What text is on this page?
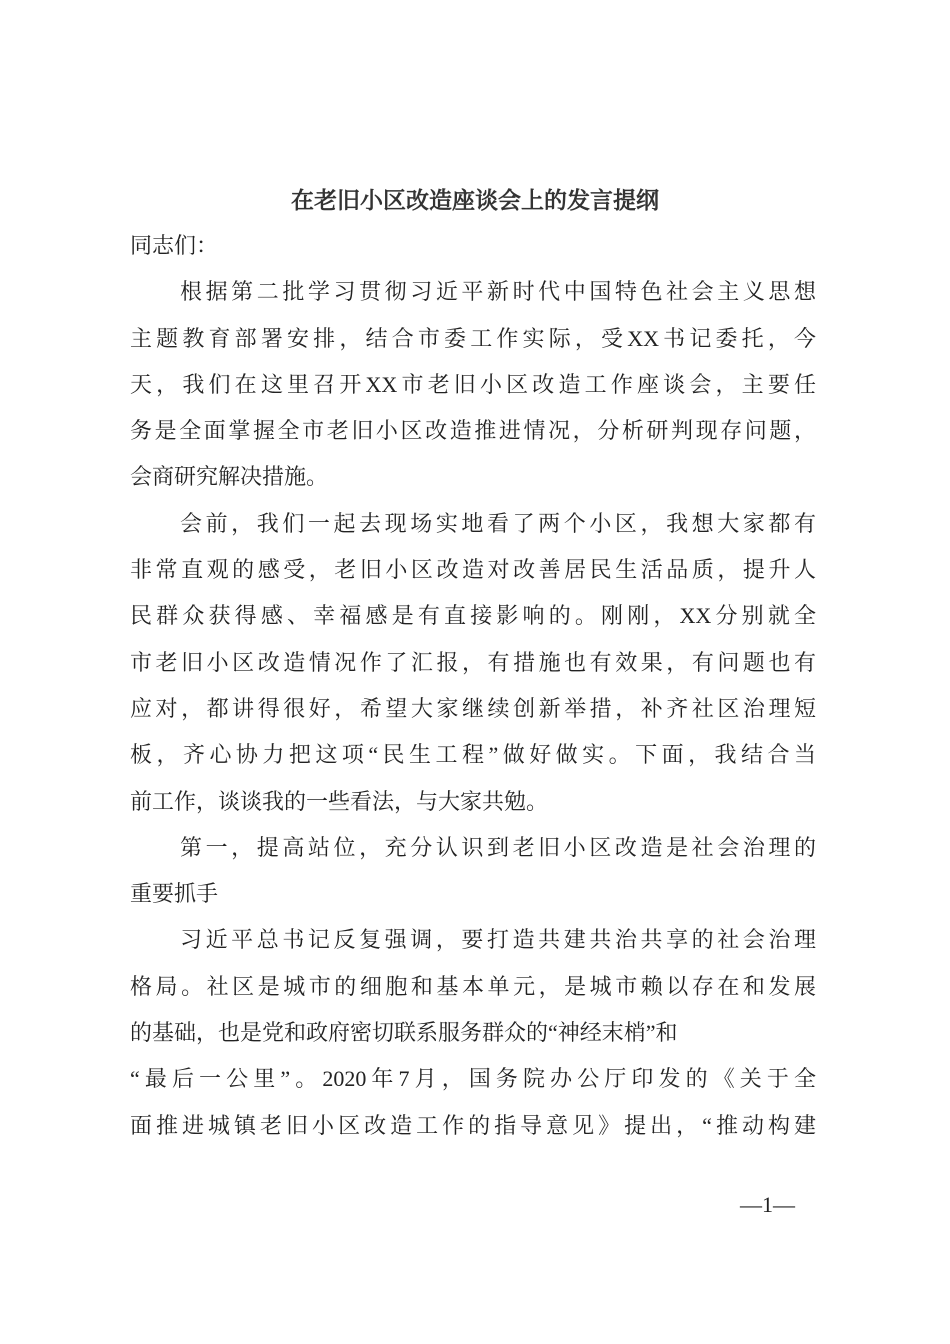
在老旧小区改造座谈会上的发言提纲
同志们：
根据第二批学习贯彻习近平新时代中国特色社会主义思想
主题教育部署安排，结合市委工作实际，受XX书记委托，今
天，我们在这里召开XX市老旧小区改造工作座谈会，主要任
务是全面掌握全市老旧小区改造推进情况，分析研判现存问题，
会商研究解决措施。
会前，我们一起去现场实地看了两个小区，我想大家都有
非常直观的感受，老旧小区改造对改善居民生活品质，提升人
民群众获得感、幸福感是有直接影响的。刚刚，XX分别就全
市老旧小区改造情况作了汇报，有措施也有效果，有问题也有
应对，都讲得很好，希望大家继续创新举措，补齐社区治理短
板，齐心协力把这项“民生工程”做好做实。下面，我结合当
前工作，谈谈我的一些看法，与大家共勉。
第一，提高站位，充分认识到老旧小区改造是社会治理的
重要抓手
习近平总书记反复强调，要打造共建共治共享的社会治理
格局。社区是城市的细胞和基本单元，是城市赖以存在和发展
的基础，也是党和政府密切联系服务群众的“神经末梢”和
“最后一公里”。2020年7月，国务院办公厅印发的《关于全
面推进城镇老旧小区改造工作的指导意见》提出，“推动构建
—1—
